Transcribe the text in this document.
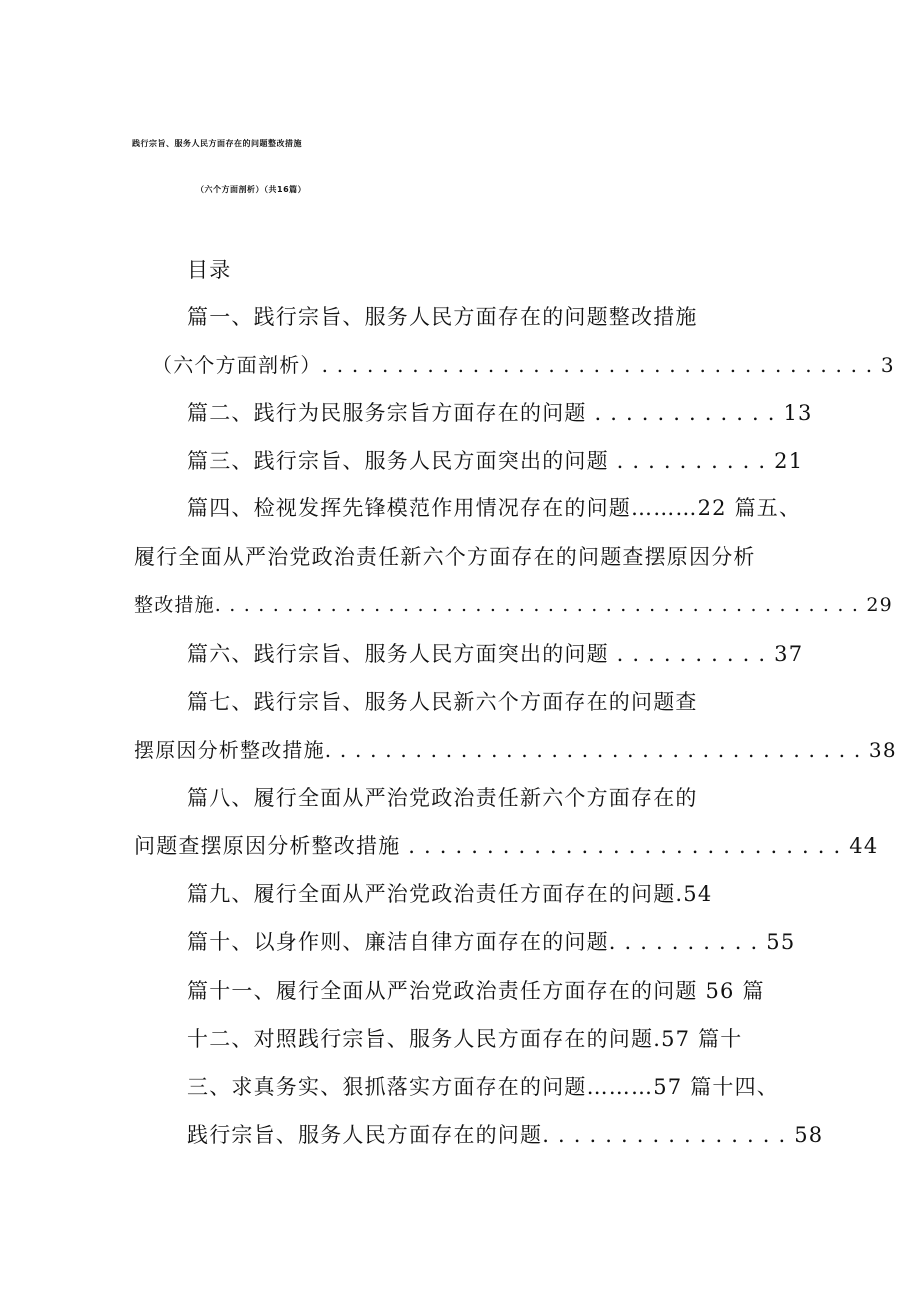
践行宗旨、服务人民方面存在的问题整改措施
（六个方面剖析）（共16篇）
目录
篇一、践行宗旨、服务人民方面存在的问题整改措施
（六个方面剖析）. . . . . . . . . . . . . . . . . . . . . . . . . . . . . . . . . . . . . 3
篇二、践行为民服务宗旨方面存在的问题 . . . . . . . . . . . . 13
篇三、践行宗旨、服务人民方面突出的问题 . . . . . . . . . . 21
篇四、检视发挥先锋模范作用情况存在的问题………22 篇五、
履行全面从严治党政治责任新六个方面存在的问题查摆原因分析
整改措施. . . . . . . . . . . . . . . . . . . . . . . . . . . . . . . . . . . . . . . . . . . . . 29
篇六、践行宗旨、服务人民方面突出的问题 . . . . . . . . . . 37
篇七、践行宗旨、服务人民新六个方面存在的问题查
摆原因分析整改措施. . . . . . . . . . . . . . . . . . . . . . . . . . . . . . . . . . . . 38
篇八、履行全面从严治党政治责任新六个方面存在的
问题查摆原因分析整改措施 . . . . . . . . . . . . . . . . . . . . . . . . . . . . 44
篇九、履行全面从严治党政治责任方面存在的问题.54
篇十、以身作则、廉洁自律方面存在的问题. . . . . . . . . . 55
篇十一、履行全面从严治党政治责任方面存在的问题 56 篇
十二、对照践行宗旨、服务人民方面存在的问题.57 篇十
三、求真务实、狠抓落实方面存在的问题………57 篇十四、
践行宗旨、服务人民方面存在的问题. . . . . . . . . . . . . . . . 58
